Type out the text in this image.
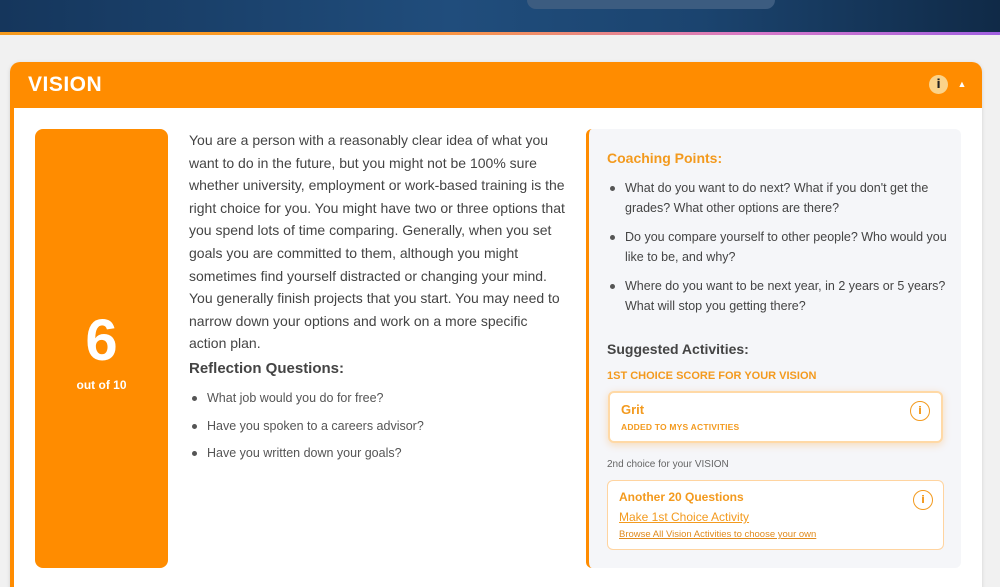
VISION	i	▲
6
out of 10

You are a person with a reasonably clear idea of what you want to do in the future, but you might not be 100% sure whether university, employment or work-based training is the right choice for you. You might have two or three options that you spend lots of time comparing. Generally, when you set goals you are committed to them, although you might sometimes find yourself distracted or changing your mind. You generally finish projects that you start. You may need to narrow down your options and work on a more specific action plan.

Reflection Questions:
What job would you do for free?
Have you spoken to a careers advisor?
Have you written down your goals?
Coaching Points:
What do you want to do next? What if you don't get the grades? What other options are there?
Do you compare yourself to other people? Who would you like to be, and why?
Where do you want to be next year, in 2 years or 5 years? What will stop you getting there?
Suggested Activities:
1ST CHOICE SCORE FOR YOUR VISION
Grit
ADDED TO MYS ACTIVITIES
i
2nd choice for your VISION
Another 20 Questions
Make 1st Choice Activity
Browse All Vision Activities to choose your own
i
